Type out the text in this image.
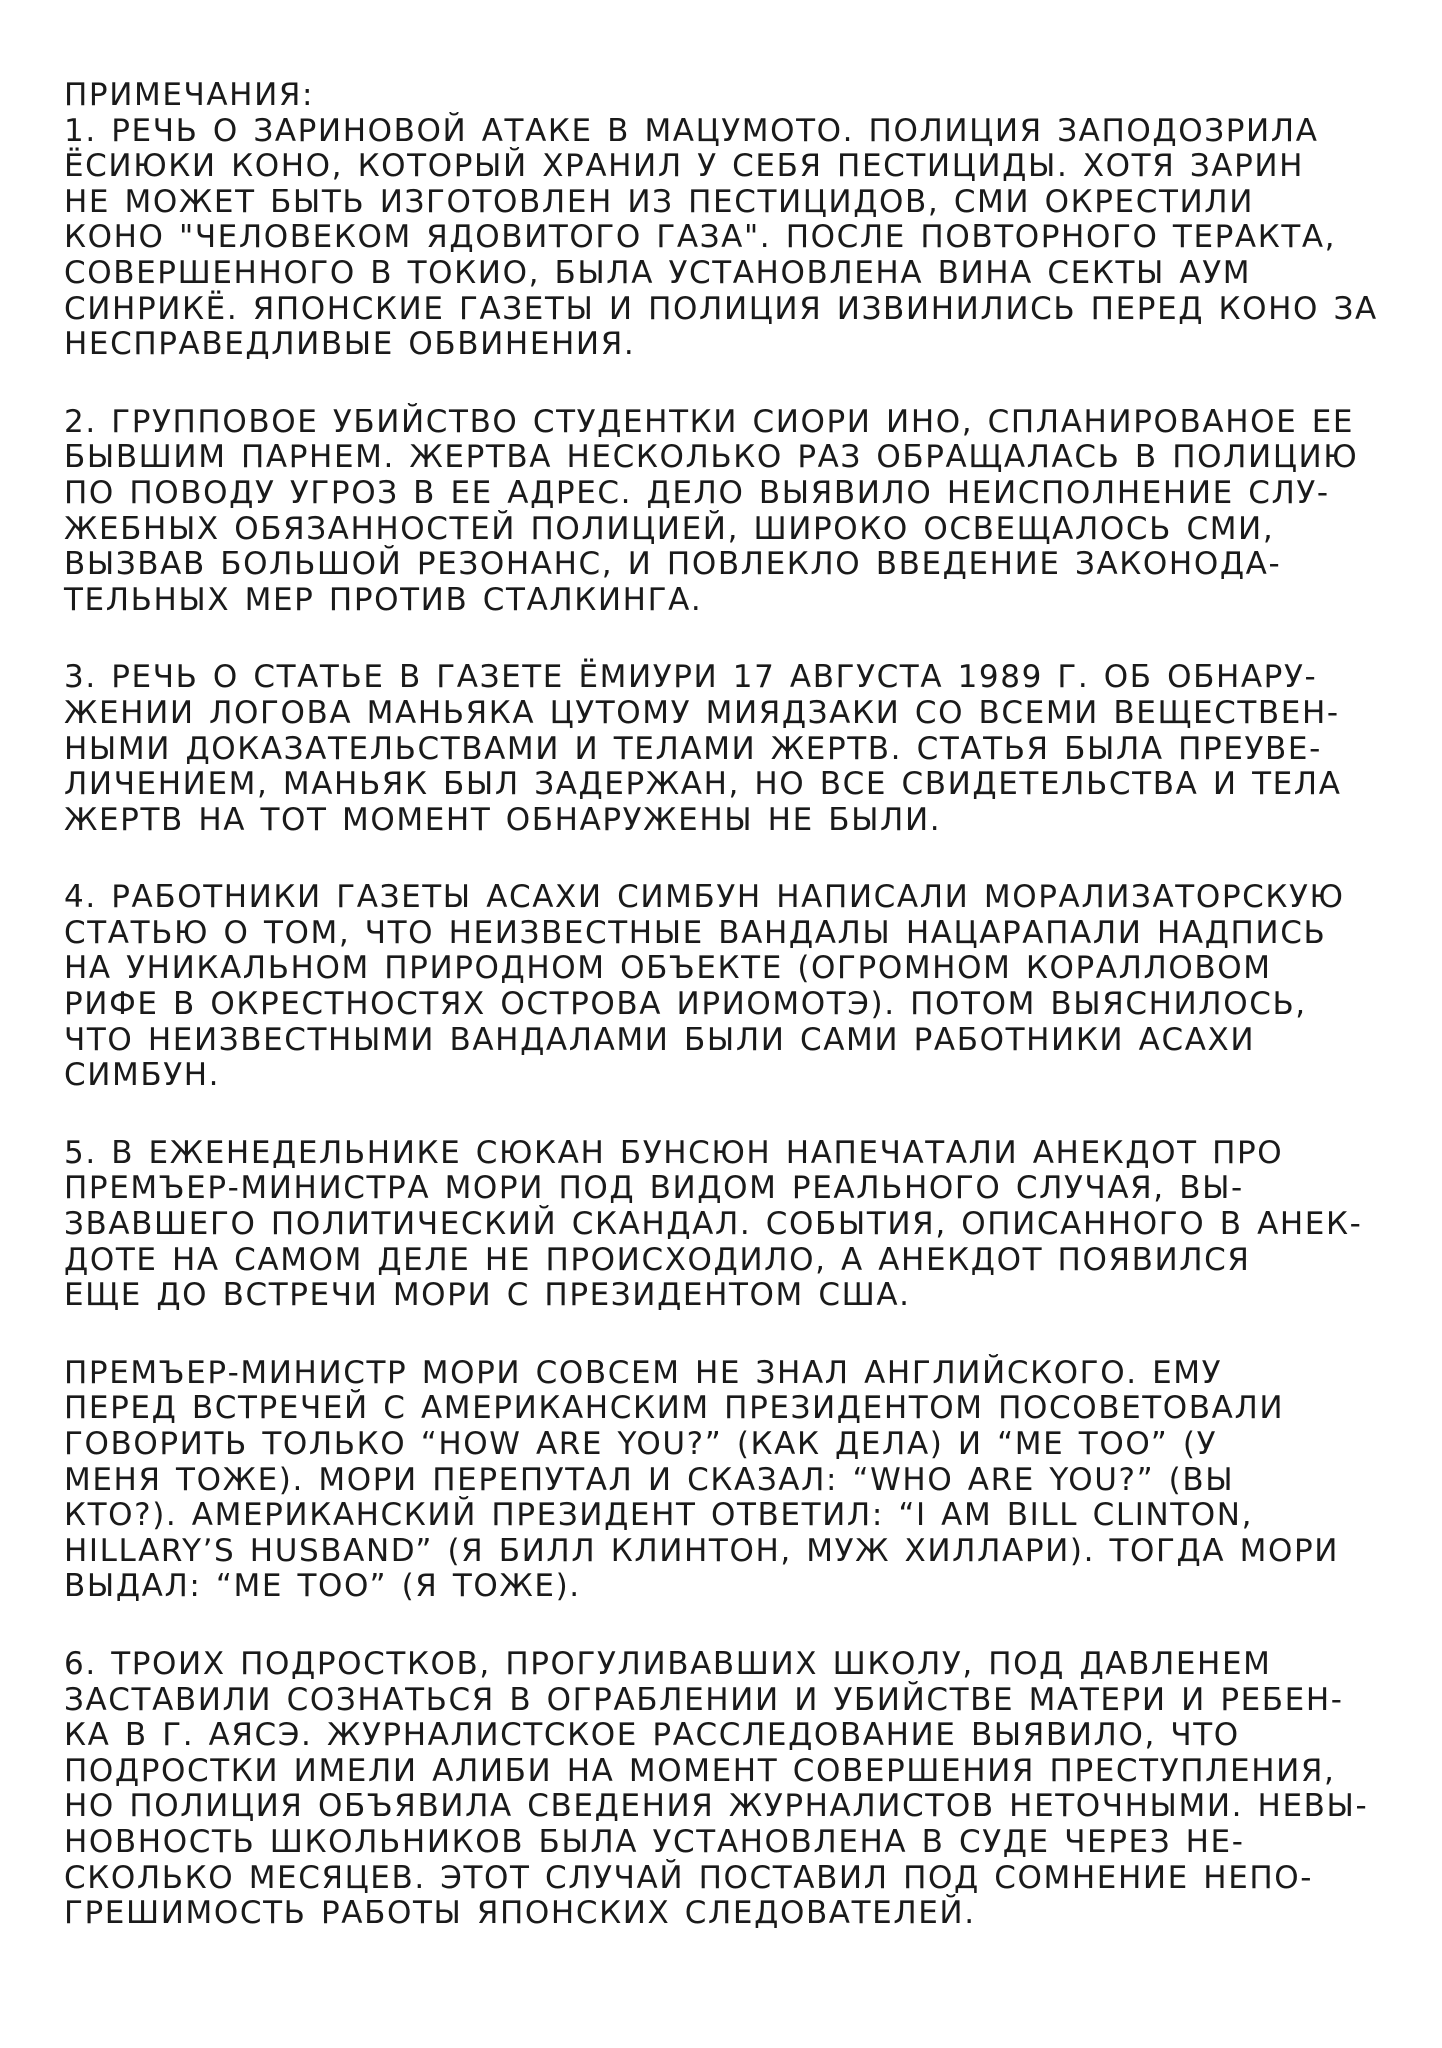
ПРИМЕЧАНИЯ:
1. РЕЧЬ О ЗАРИНОВОЙ АТАКЕ В МАЦУМОТО. ПОЛИЦИЯ ЗАПОДОЗРИЛА
ЁСИЮКИ КОНО, КОТОРЫЙ ХРАНИЛ У СЕБЯ ПЕСТИЦИДЫ. ХОТЯ ЗАРИН
НЕ МОЖЕТ БЫТЬ ИЗГОТОВЛЕН ИЗ ПЕСТИЦИДОВ, СМИ ОКРЕСТИЛИ
КОНО "ЧЕЛОВЕКОМ ЯДОВИТОГО ГАЗА". ПОСЛЕ ПОВТОРНОГО ТЕРАКТА,
СОВЕРШЕННОГО В ТОКИО, БЫЛА УСТАНОВЛЕНА ВИНА СЕКТЫ АУМ
СИНРИКЁ. ЯПОНСКИЕ ГАЗЕТЫ И ПОЛИЦИЯ ИЗВИНИЛИСЬ ПЕРЕД КОНО ЗА
НЕСПРАВЕДЛИВЫЕ ОБВИНЕНИЯ.
2. ГРУППОВОЕ УБИЙСТВО СТУДЕНТКИ СИОРИ ИНО, СПЛАНИРОВАНОЕ ЕЕ
БЫВШИМ ПАРНЕМ. ЖЕРТВА НЕСКОЛЬКО РАЗ ОБРАЩАЛАСЬ В ПОЛИЦИЮ
ПО ПОВОДУ УГРОЗ В ЕЕ АДРЕС. ДЕЛО ВЫЯВИЛО НЕИСПОЛНЕНИЕ СЛУ-
ЖЕБНЫХ ОБЯЗАННОСТЕЙ ПОЛИЦИЕЙ, ШИРОКО ОСВЕЩАЛОСЬ СМИ,
ВЫЗВАВ БОЛЬШОЙ РЕЗОНАНС, И ПОВЛЕКЛО ВВЕДЕНИЕ ЗАКОНОДА-
ТЕЛЬНЫХ МЕР ПРОТИВ СТАЛКИНГА.
3. РЕЧЬ О СТАТЬЕ В ГАЗЕТЕ ЁМИУРИ 17 АВГУСТА 1989 Г. ОБ ОБНАРУ-
ЖЕНИИ ЛОГОВА МАНЬЯКА ЦУТОМУ МИЯДЗАКИ СО ВСЕМИ ВЕЩЕСТВЕН-
НЫМИ ДОКАЗАТЕЛЬСТВАМИ И ТЕЛАМИ ЖЕРТВ. СТАТЬЯ БЫЛА ПРЕУВЕ-
ЛИЧЕНИЕМ, МАНЬЯК БЫЛ ЗАДЕРЖАН, НО ВСЕ СВИДЕТЕЛЬСТВА И ТЕЛА
ЖЕРТВ НА ТОТ МОМЕНТ ОБНАРУЖЕНЫ НЕ БЫЛИ.
4. РАБОТНИКИ ГАЗЕТЫ АСАХИ СИМБУН НАПИСАЛИ МОРАЛИЗАТОРСКУЮ
СТАТЬЮ О ТОМ, ЧТО НЕИЗВЕСТНЫЕ ВАНДАЛЫ НАЦАРАПАЛИ НАДПИСЬ
НА УНИКАЛЬНОМ ПРИРОДНОМ ОБЪЕКТЕ (ОГРОМНОМ КОРАЛЛОВОМ
РИФЕ В ОКРЕСТНОСТЯХ ОСТРОВА ИРИОМОТЭ). ПОТОМ ВЫЯСНИЛОСЬ,
ЧТО НЕИЗВЕСТНЫМИ ВАНДАЛАМИ БЫЛИ САМИ РАБОТНИКИ АСАХИ
СИМБУН.
5. В ЕЖЕНЕДЕЛЬНИКЕ СЮКАН БУНСЮН НАПЕЧАТАЛИ АНЕКДОТ ПРО
ПРЕМЪЕР-МИНИСТРА МОРИ ПОД ВИДОМ РЕАЛЬНОГО СЛУЧАЯ, ВЫ-
ЗВАВШЕГО ПОЛИТИЧЕСКИЙ СКАНДАЛ. СОБЫТИЯ, ОПИСАННОГО В АНЕК-
ДОТЕ НА САМОМ ДЕЛЕ НЕ ПРОИСХОДИЛО, А АНЕКДОТ ПОЯВИЛСЯ
ЕЩЕ ДО ВСТРЕЧИ МОРИ С ПРЕЗИДЕНТОМ США.
ПРЕМЪЕР-МИНИСТР МОРИ СОВСЕМ НЕ ЗНАЛ АНГЛИЙСКОГО. ЕМУ
ПЕРЕД ВСТРЕЧЕЙ С АМЕРИКАНСКИМ ПРЕЗИДЕНТОМ ПОСОВЕТОВАЛИ
ГОВОРИТЬ ТОЛЬКО “HOW ARE YOU?” (КАК ДЕЛА) И “ME TOO” (У
МЕНЯ ТОЖЕ). МОРИ ПЕРЕПУТАЛ И СКАЗАЛ: “WHO ARE YOU?” (ВЫ
КТО?). АМЕРИКАНСКИЙ ПРЕЗИДЕНТ ОТВЕТИЛ: “I AM BILL CLINTON,
HILLARY’S HUSBAND” (Я БИЛЛ КЛИНТОН, МУЖ ХИЛЛАРИ). ТОГДА МОРИ
ВЫДАЛ: “ME TOO” (Я ТОЖЕ).
6. ТРОИХ ПОДРОСТКОВ, ПРОГУЛИВАВШИХ ШКОЛУ, ПОД ДАВЛЕНЕМ
ЗАСТАВИЛИ СОЗНАТЬСЯ В ОГРАБЛЕНИИ И УБИЙСТВЕ МАТЕРИ И РЕБЕН-
КА В Г. АЯСЭ. ЖУРНАЛИСТСКОЕ РАССЛЕДОВАНИЕ ВЫЯВИЛО, ЧТО
ПОДРОСТКИ ИМЕЛИ АЛИБИ НА МОМЕНТ СОВЕРШЕНИЯ ПРЕСТУПЛЕНИЯ,
НО ПОЛИЦИЯ ОБЪЯВИЛА СВЕДЕНИЯ ЖУРНАЛИСТОВ НЕТОЧНЫМИ. НЕВЫ-
НОВНОСТЬ ШКОЛЬНИКОВ БЫЛА УСТАНОВЛЕНА В СУДЕ ЧЕРЕЗ НЕ-
СКОЛЬКО МЕСЯЦЕВ. ЭТОТ СЛУЧАЙ ПОСТАВИЛ ПОД СОМНЕНИЕ НЕПО-
ГРЕШИМОСТЬ РАБОТЫ ЯПОНСКИХ СЛЕДОВАТЕЛЕЙ.
